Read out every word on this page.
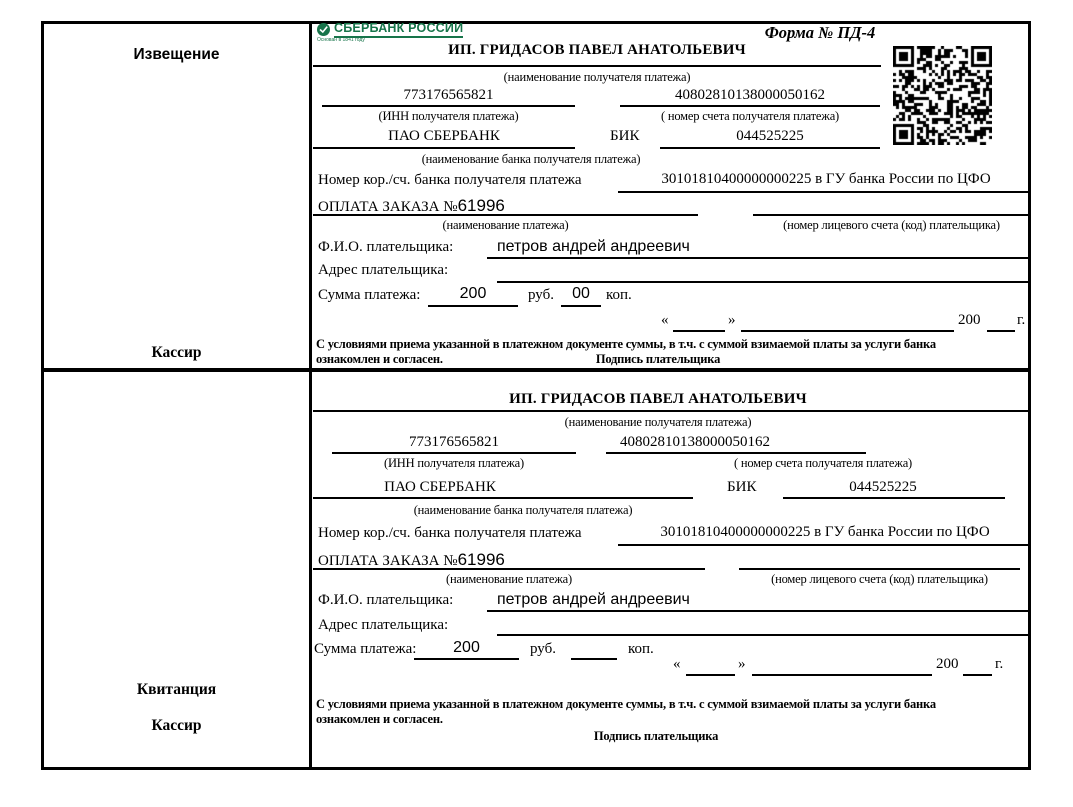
Извещение
Кассир
Квитанция
Кассир
СБЕРБАНК РОССИИ
Основан в 1841 году	Форма № ПД-4
ИП. ГРИДАСОВ ПАВЕЛ АНАТОЛЬЕВИЧ
(наименование получателя платежа)
773176565821	40802810138000050162
(ИНН получателя платежа)	( номер счета получателя платежа)
ПАО СБЕРБАНК	БИК	044525225
(наименование банка получателя платежа)
Номер кор./сч. банка получателя платежа	30101810400000000225 в ГУ банка России по ЦФО
ОПЛАТА ЗАКАЗА №61996
(наименование платежа)	(номер лицевого счета (код) плательщика)
Ф.И.О. плательщика:	петров андрей андреевич
Адрес плательщика:
Сумма платежа:	200	руб.	00	коп.
«	»	200 г.
С условиями приема указанной в платежном документе суммы, в т.ч. с суммой взимаемой платы за услуги банка
ознакомлен и согласен.	Подпись плательщика
ИП. ГРИДАСОВ ПАВЕЛ АНАТОЛЬЕВИЧ
(наименование получателя платежа)
773176565821	40802810138000050162
(ИНН получателя платежа)	( номер счета получателя платежа)
ПАО СБЕРБАНК	БИК	044525225
(наименование банка получателя платежа)
Номер кор./сч. банка получателя платежа	30101810400000000225 в ГУ банка России по ЦФО
ОПЛАТА ЗАКАЗА №61996
(наименование платежа)	(номер лицевого счета (код) плательщика)
Ф.И.О. плательщика:	петров андрей андреевич
Адрес плательщика:
Сумма платежа:	200	руб.	коп.
«	»	200 г.
С условиями приема указанной в платежном документе суммы, в т.ч. с суммой взимаемой платы за услуги банка
ознакомлен и согласен.
Подпись плательщика
